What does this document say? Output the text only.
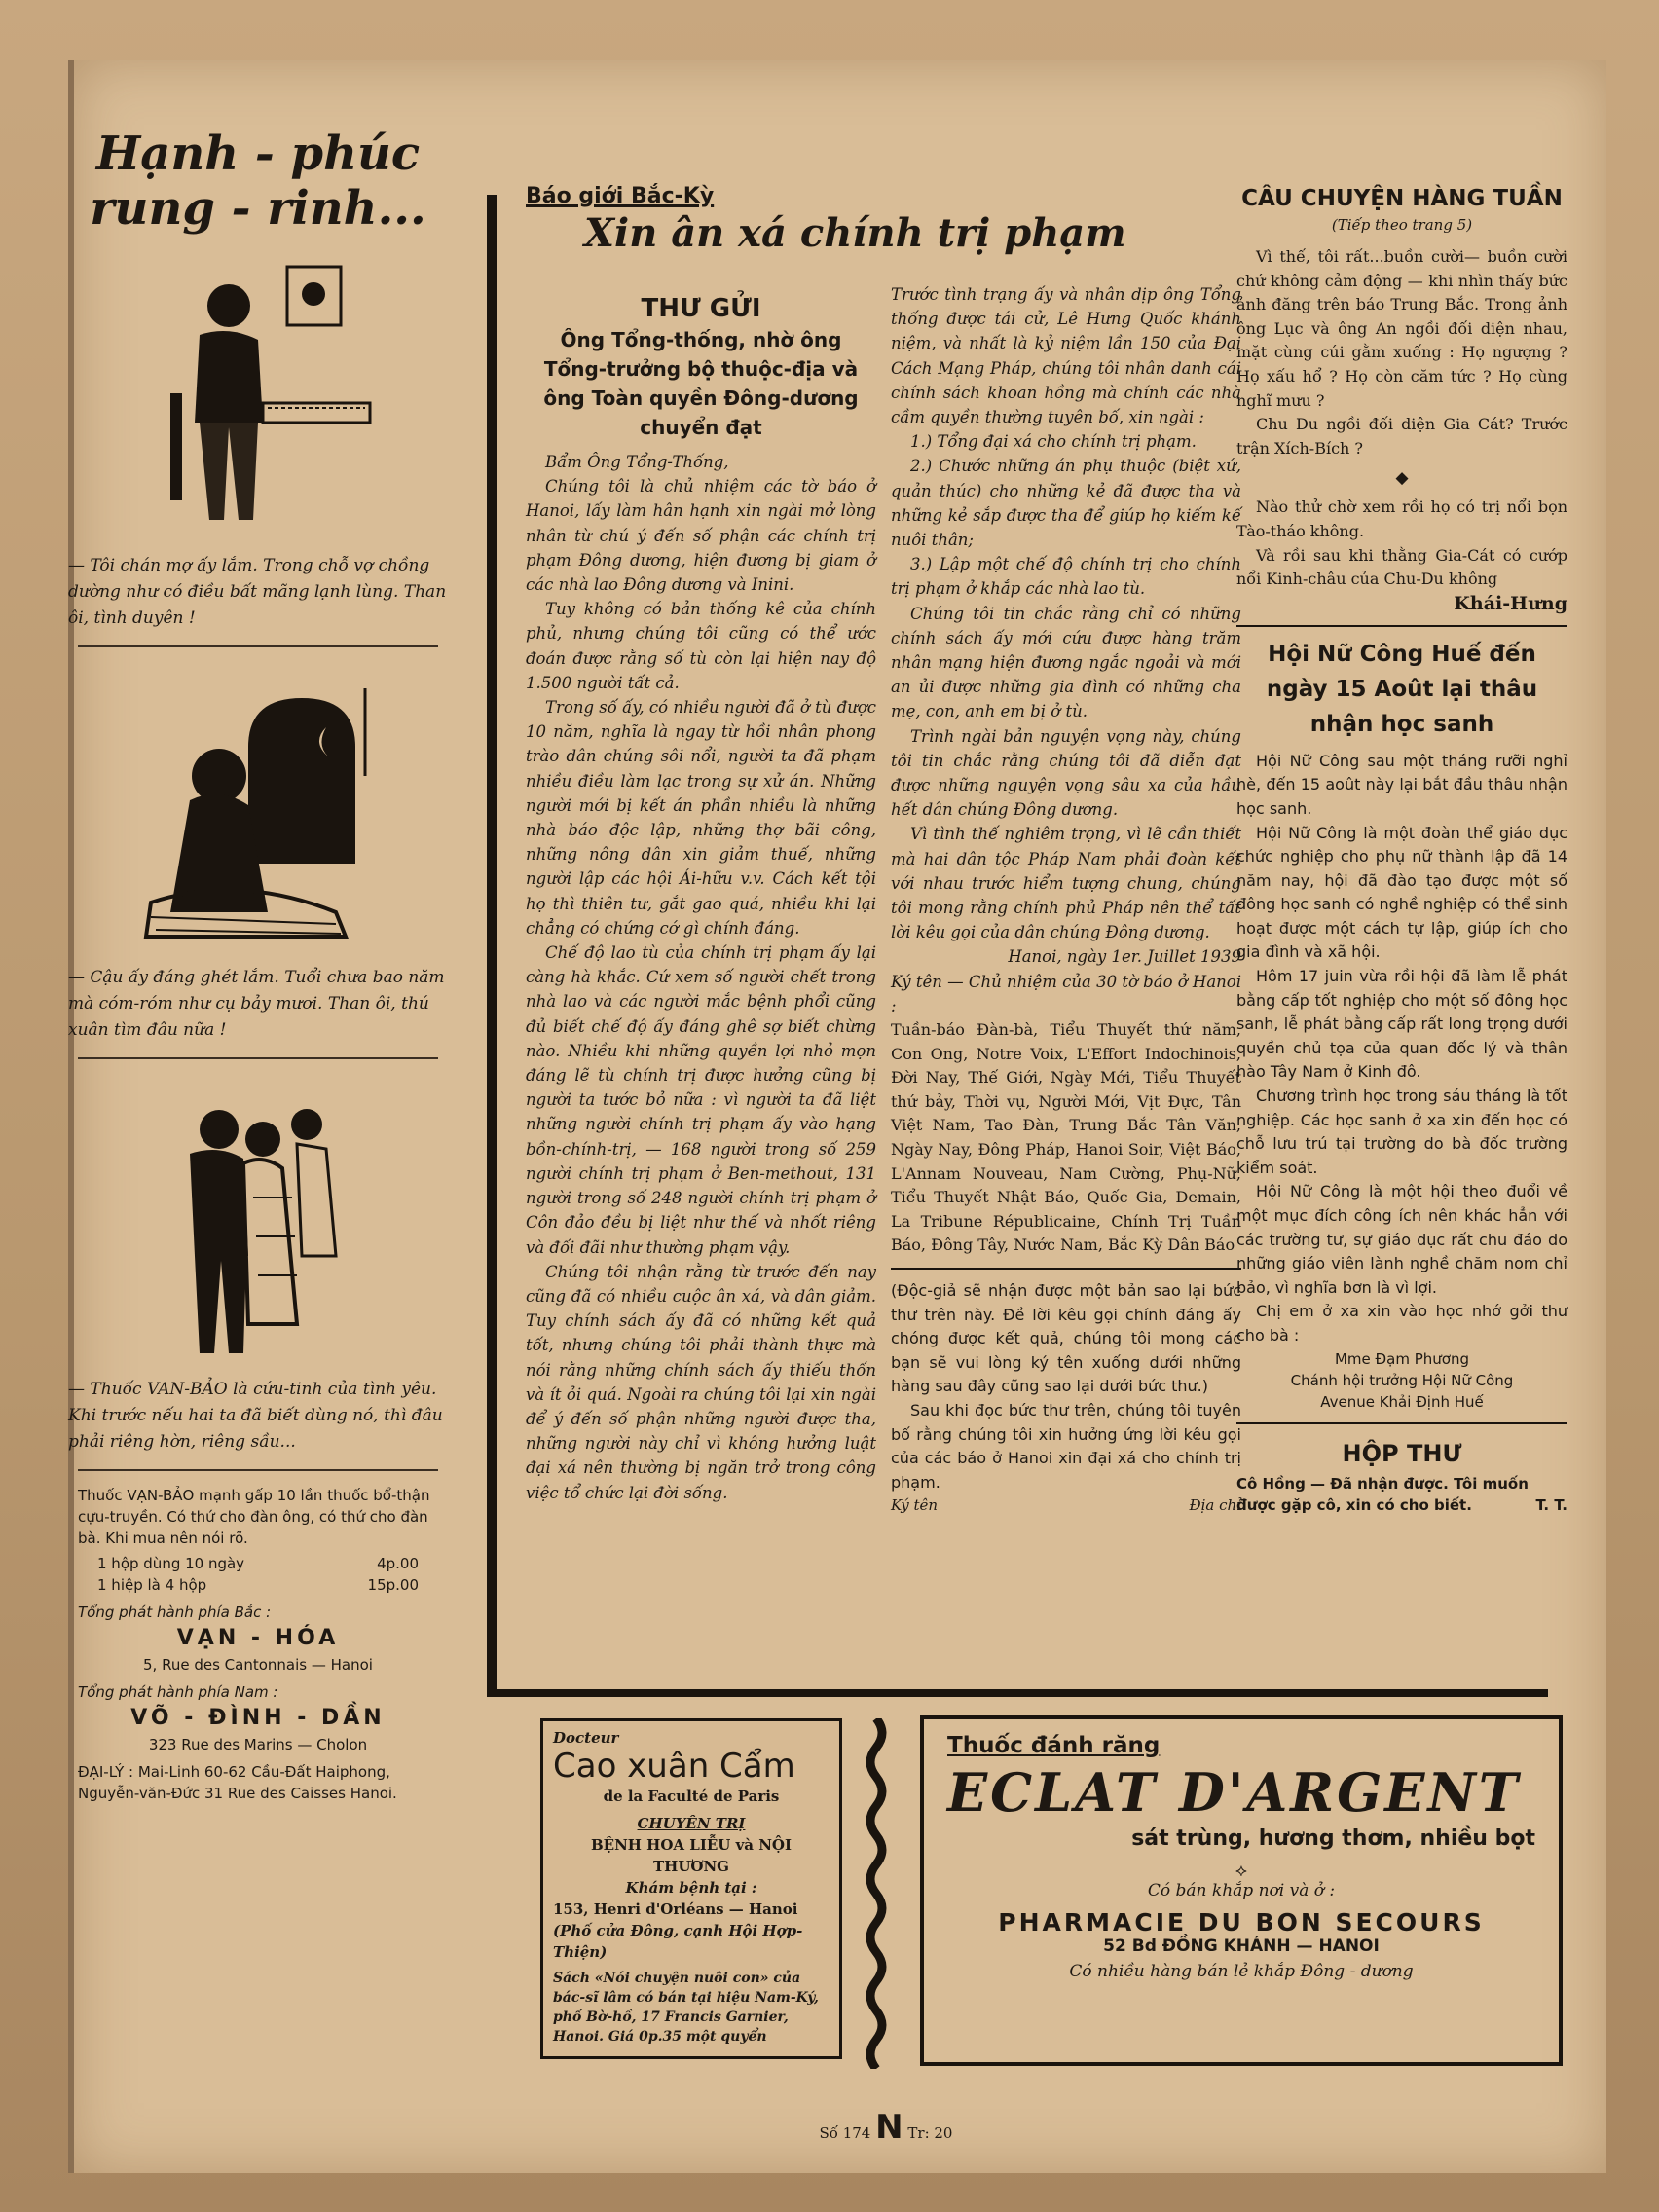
Hạnh - phúc
rung - rinh...
— Tôi chán mợ ấy lắm. Trong chỗ vợ chồng dường như có điều bất mãng lạnh lùng. Than ôi, tình duyên !
— Cậu ấy đáng ghét lắm. Tuổi chưa bao năm mà cóm-róm như cụ bảy mươi. Than ôi, thú xuân tìm đâu nữa !
— Thuốc VAN-BẢO là cứu-tinh của tình yêu. Khi trước nếu hai ta đã biết dùng nó, thì đâu phải riêng hờn, riêng sầu...
Thuốc VẠN-BẢO mạnh gấp 10 lần thuốc bổ-thận cựu-truyền. Có thứ cho đàn ông, có thứ cho đàn bà. Khi mua nên nói rõ.
1 hộp dùng 10 ngày	4p.00
1 hiệp là 4 hộp	15p.00
Tổng phát hành phía Bắc :
VẠN - HÓA
5, Rue des Cantonnais — Hanoi
Tổng phát hành phía Nam :
VÕ - ĐÌNH - DẦN
323 Rue des Marins — Cholon
ĐẠI-LÝ : Mai-Linh 60-62 Cầu-Đất Haiphong, Nguyễn-văn-Đức 31 Rue des Caisses Hanoi.
Báo giới Bắc-Kỳ
Xin ân xá chính trị phạm
THƯ GỬI
Ông Tổng-thống, nhờ ông Tổng-trưởng bộ thuộc-địa và ông Toàn quyền Đông-dương chuyển đạt

Bẩm Ông Tổng-Thống,

Chúng tôi là chủ nhiệm các tờ báo ở Hanoi, lấy làm hân hạnh xin ngài mở lòng nhân từ chú ý đến số phận các chính trị phạm Đông dương, hiện đương bị giam ở các nhà lao Đông dương và Inini.

Tuy không có bản thống kê của chính phủ, nhưng chúng tôi cũng có thể ước đoán được rằng số tù còn lại hiện nay độ 1.500 người tất cả.

Trong số ấy, có nhiều người đã ở tù được 10 năm, nghĩa là ngay từ hồi nhân phong trào dân chúng sôi nổi, người ta đã phạm nhiều điều làm lạc trong sự xử án. Những người mới bị kết án phần nhiều là những nhà báo độc lập, những thợ bãi công, những nông dân xin giảm thuế, những người lập các hội Ái-hữu v.v. Cách kết tội họ thì thiên tư, gắt gao quá, nhiều khi lại chẳng có chứng cớ gì chính đáng.

Chế độ lao tù của chính trị phạm ấy lại càng hà khắc. Cứ xem số người chết trong nhà lao và các người mắc bệnh phổi cũng đủ biết chế độ ấy đáng ghê sợ biết chừng nào. Nhiều khi những quyền lợi nhỏ mọn đáng lẽ tù chính trị được hưởng cũng bị người ta tước bỏ nữa : vì người ta đã liệt những người chính trị phạm ấy vào hạng bồn-chính-trị, — 168 người trong số 259 người chính trị phạm ở Ben-methout, 131 người trong số 248 người chính trị phạm ở Côn đảo đều bị liệt như thế và nhốt riêng và đối đãi như thường phạm vậy.

Chúng tôi nhận rằng từ trước đến nay cũng đã có nhiều cuộc ân xá, và dân giảm. Tuy chính sách ấy đã có những kết quả tốt, nhưng chúng tôi phải thành thực mà nói rằng những chính sách ấy thiếu thốn và ít ỏi quá. Ngoài ra chúng tôi lại xin ngài để ý đến số phận những người được tha, những người này chỉ vì không hưởng luật đại xá nên thường bị ngăn trở trong công việc tổ chức lại đời sống.

Trước tình trạng ấy và nhân dịp ông Tổng thống được tái cử, Lê Hưng Quốc khánh niệm, và nhất là kỷ niệm lần 150 của Đại Cách Mạng Pháp, chúng tôi nhân danh cái chính sách khoan hồng mà chính các nhà cầm quyền thường tuyên bố, xin ngài :

1.) Tổng đại xá cho chính trị phạm.

2.) Chước những án phụ thuộc (biệt xứ, quản thúc) cho những kẻ đã được tha và những kẻ sắp được tha để giúp họ kiếm kế nuôi thân;

3.) Lập một chế độ chính trị cho chính trị phạm ở khắp các nhà lao tù.

Chúng tôi tin chắc rằng chỉ có những chính sách ấy mới cứu được hàng trăm nhân mạng hiện đương ngắc ngoải và mới an ủi được những gia đình có những cha mẹ, con, anh em bị ở tù.

Trình ngài bản nguyện vọng này, chúng tôi tin chắc rằng chúng tôi đã diễn đạt được những nguyện vọng sâu xa của hầu hết dân chúng Đông dương.

Vì tình thế nghiêm trọng, vì lẽ cần thiết mà hai dân tộc Pháp Nam phải đoàn kết với nhau trước hiểm tượng chung, chúng tôi mong rằng chính phủ Pháp nên thể tất lời kêu gọi của dân chúng Đông dương.

Hanoi, ngày 1er. Juillet 1939

Ký tên — Chủ nhiệm của 30 tờ báo ở Hanoi :

Tuần-báo Đàn-bà, Tiểu Thuyết thứ năm, Con Ong, Notre Voix, L'Effort Indochinois, Đời Nay, Thế Giới, Ngày Mới, Tiểu Thuyết thứ bảy, Thời vụ, Người Mới, Vịt Đực, Tân Việt Nam, Tao Đàn, Trung Bắc Tân Văn, Ngày Nay, Đông Pháp, Hanoi Soir, Việt Báo, L'Annam Nouveau, Nam Cường, Phụ-Nữ, Tiểu Thuyết Nhật Báo, Quốc Gia, Demain, La Tribune Républicaine, Chính Trị Tuần Báo, Đông Tây, Nước Nam, Bắc Kỳ Dân Báo

(Độc-giả sẽ nhận được một bản sao lại bức thư trên này. Đề lời kêu gọi chính đáng ấy chóng được kết quả, chúng tôi mong các bạn sẽ vui lòng ký tên xuống dưới những hàng sau đây cũng sao lại dưới bức thư.)

Sau khi đọc bức thư trên, chúng tôi tuyên bố rằng chúng tôi xin hưởng ứng lời kêu gọi của các báo ở Hanoi xin đại xá cho chính trị phạm.

Ký tên	Địa chỉ
CÂU CHUYỆN HÀNG TUẦN
(Tiếp theo trang 5)

Vì thế, tôi rất...buồn cười— buồn cười chứ không cảm động — khi nhìn thấy bức ảnh đăng trên báo Trung Bắc. Trong ảnh ông Lục và ông An ngồi đối diện nhau, mặt cùng cúi gằm xuống : Họ ngượng ? Họ xấu hổ ? Họ còn căm tức ? Họ cùng nghĩ mưu ?

Chu Du ngồi đối diện Gia Cát? Trước trận Xích-Bích ?

◆

Nào thử chờ xem rồi họ có trị nổi bọn Tào-tháo không.

Và rồi sau khi thằng Gia-Cát có cướp nổi Kinh-châu của Chu-Du không

Khái-Hưng
Hội Nữ Công Huế đến ngày 15 Août lại thâu nhận học sanh

Hội Nữ Công sau một tháng rưỡi nghỉ hè, đến 15 août này lại bắt đầu thâu nhận học sanh.

Hội Nữ Công là một đoàn thể giáo dục chức nghiệp cho phụ nữ thành lập đã 14 năm nay, hội đã đào tạo được một số đông học sanh có nghề nghiệp có thể sinh hoạt được một cách tự lập, giúp ích cho gia đình và xã hội.

Hôm 17 juin vừa rồi hội đã làm lễ phát bằng cấp tốt nghiệp cho một số đông học sanh, lễ phát bằng cấp rất long trọng dưới quyền chủ tọa của quan đốc lý và thân hào Tây Nam ở Kinh đô.

Chương trình học trong sáu tháng là tốt nghiệp. Các học sanh ở xa xin đến học có chỗ lưu trú tại trường do bà đốc trường kiểm soát.

Hội Nữ Công là một hội theo đuổi về một mục đích công ích nên khác hẳn với các trường tư, sự giáo dục rất chu đáo do những giáo viên lành nghề chăm nom chỉ bảo, vì nghĩa bơn là vì lợi.

Chị em ở xa xin vào học nhớ gởi thư cho bà :

Mme Đạm Phương
Chánh hội trưởng Hội Nữ Công
Avenue Khải Định Huế
HỘP THƯ
Cô Hồng — Đã nhận được. Tôi muốn được gặp cô, xin có cho biết.	T. T.
Docteur
Cao xuân Cẩm
de la Faculté de Paris
CHUYÊN TRỊ
BỆNH HOA LIỄU và NỘI THƯƠNG
Khám bệnh tại :
153, Henri d'Orléans — Hanoi
(Phố cửa Đông, cạnh Hội Hợp-Thiện)
Sách «Nói chuyện nuôi con» của bác-sĩ lâm có bán tại hiệu Nam-Ký, phố Bờ-hồ, 17 Francis Garnier, Hanoi. Giá 0p.35 một quyển
Thuốc đánh răng
ECLAT D'ARGENT
sát trùng, hương thơm, nhiều bọt
⟡
Có bán khắp nơi và ở :
PHARMACIE DU BON SECOURS
52 Bd ĐỒNG KHÁNH — HANOI
Có nhiều hàng bán lẻ khắp Đông - dương
Số 174 N Tr: 20
